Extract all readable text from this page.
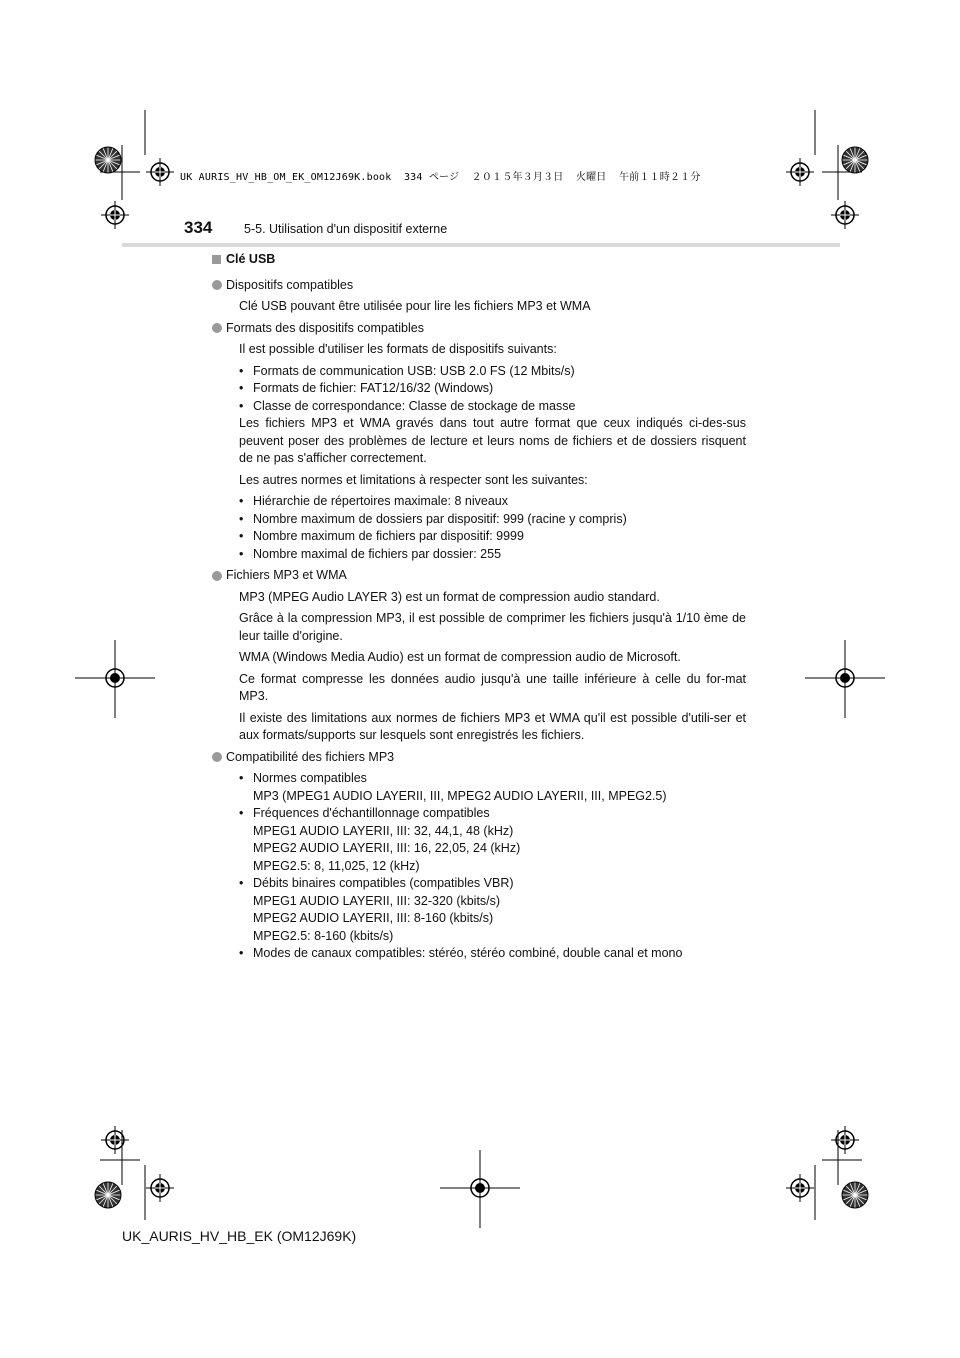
UK AURIS_HV_HB_OM_EK_OM12J69K.book  334 ページ  ２０１５年３月３日  火曜日  午前１１時２１分
334	5-5. Utilisation d'un dispositif externe
Clé USB
Dispositifs compatibles
Clé USB pouvant être utilisée pour lire les fichiers MP3 et WMA
Formats des dispositifs compatibles
Il est possible d'utiliser les formats de dispositifs suivants:
• Formats de communication USB: USB 2.0 FS (12 Mbits/s)
• Formats de fichier: FAT12/16/32 (Windows)
• Classe de correspondance: Classe de stockage de masse
Les fichiers MP3 et WMA gravés dans tout autre format que ceux indiqués ci-des-sus peuvent poser des problèmes de lecture et leurs noms de fichiers et de dossiers risquent de ne pas s'afficher correctement.
Les autres normes et limitations à respecter sont les suivantes:
• Hiérarchie de répertoires maximale: 8 niveaux
• Nombre maximum de dossiers par dispositif: 999 (racine y compris)
• Nombre maximum de fichiers par dispositif: 9999
• Nombre maximal de fichiers par dossier: 255
Fichiers MP3 et WMA
MP3 (MPEG Audio LAYER 3) est un format de compression audio standard.
Grâce à la compression MP3, il est possible de comprimer les fichiers jusqu'à 1/10 ème de leur taille d'origine.
WMA (Windows Media Audio) est un format de compression audio de Microsoft.
Ce format compresse les données audio jusqu'à une taille inférieure à celle du for-mat MP3.
Il existe des limitations aux normes de fichiers MP3 et WMA qu'il est possible d'utili-ser et aux formats/supports sur lesquels sont enregistrés les fichiers.
Compatibilité des fichiers MP3
• Normes compatibles
MP3 (MPEG1 AUDIO LAYERII, III, MPEG2 AUDIO LAYERII, III, MPEG2.5)
• Fréquences d'échantillonnage compatibles
MPEG1 AUDIO LAYERII, III: 32, 44,1, 48 (kHz)
MPEG2 AUDIO LAYERII, III: 16, 22,05, 24 (kHz)
MPEG2.5: 8, 11,025, 12 (kHz)
• Débits binaires compatibles (compatibles VBR)
MPEG1 AUDIO LAYERII, III: 32-320 (kbits/s)
MPEG2 AUDIO LAYERII, III: 8-160 (kbits/s)
MPEG2.5: 8-160 (kbits/s)
• Modes de canaux compatibles: stéréo, stéréo combiné, double canal et mono
UK_AURIS_HV_HB_EK (OM12J69K)
